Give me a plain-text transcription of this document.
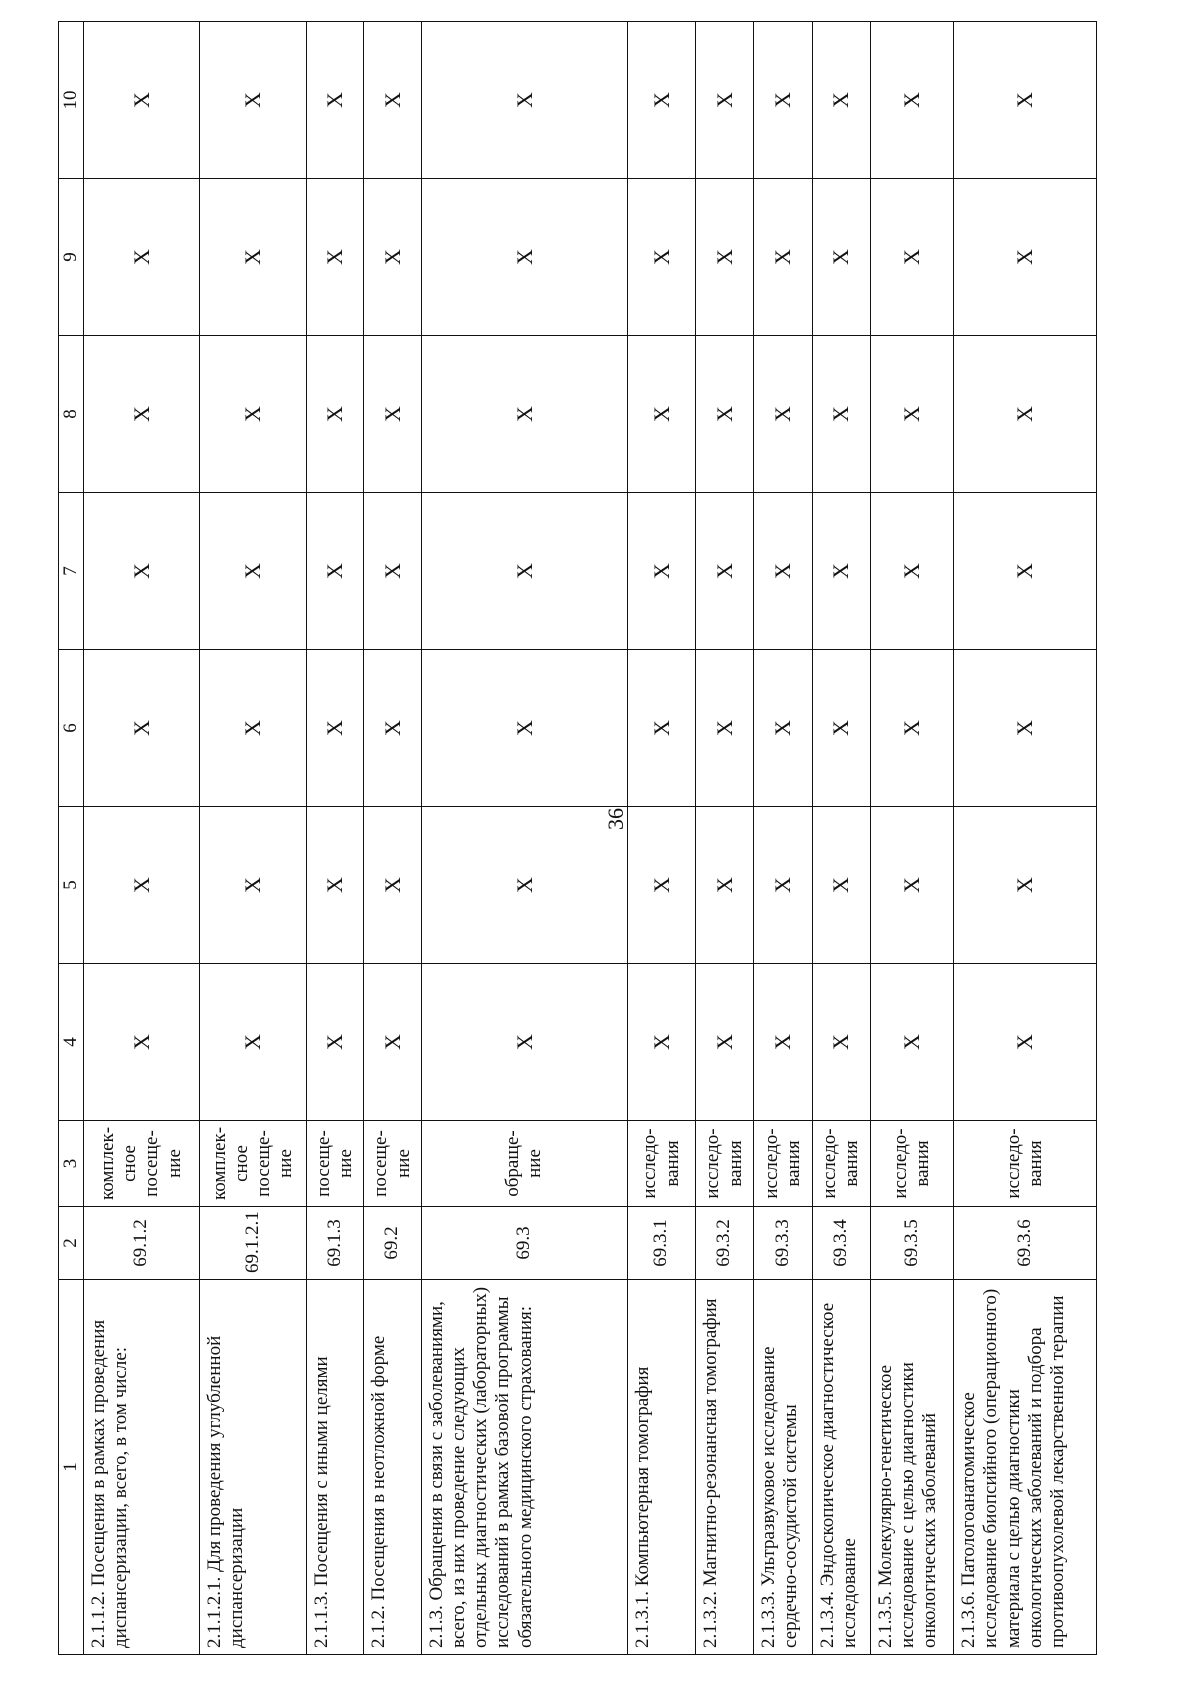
36
1	2	3	4	5	6	7	8	9	10
2.1.1.2. Посещения в рамках проведения диспансеризации, всего, в том числе:	69.1.2	комплек-сное посеще-ние	X	X	X	X	X	X	X
2.1.1.2.1. Для проведения углубленной диспансеризации	69.1.2.1	комплек-сное посеще-ние	X	X	X	X	X	X	X
2.1.1.3. Посещения с иными целями	69.1.3	посеще-ние	X	X	X	X	X	X	X
2.1.2. Посещения в неотложной форме	69.2	посеще-ние	X	X	X	X	X	X	X
2.1.3. Обращения в связи с заболеваниями, всего, из них проведение следующих отдельных диагностических (лабораторных) исследований в рамках базовой программы обязательного медицинского страхования:	69.3	обраще-ние	X	X	X	X	X	X	X
2.1.3.1. Компьютерная томография	69.3.1	исследо-вания	X	X	X	X	X	X	X
2.1.3.2. Магнитно-резонансная томография	69.3.2	исследо-вания	X	X	X	X	X	X	X
2.1.3.3. Ультразвуковое исследование сердечно-сосудистой системы	69.3.3	исследо-вания	X	X	X	X	X	X	X
2.1.3.4. Эндоскопическое диагностическое исследование	69.3.4	исследо-вания	X	X	X	X	X	X	X
2.1.3.5. Молекулярно-генетическое исследование с целью диагностики онкологических заболеваний	69.3.5	исследо-вания	X	X	X	X	X	X	X
2.1.3.6. Патологоанатомическое исследование биопсийного (операционного) материала с целью диагностики онкологических заболеваний и подбора противоопухолевой лекарственной терапии	69.3.6	исследо-вания	X	X	X	X	X	X	X
